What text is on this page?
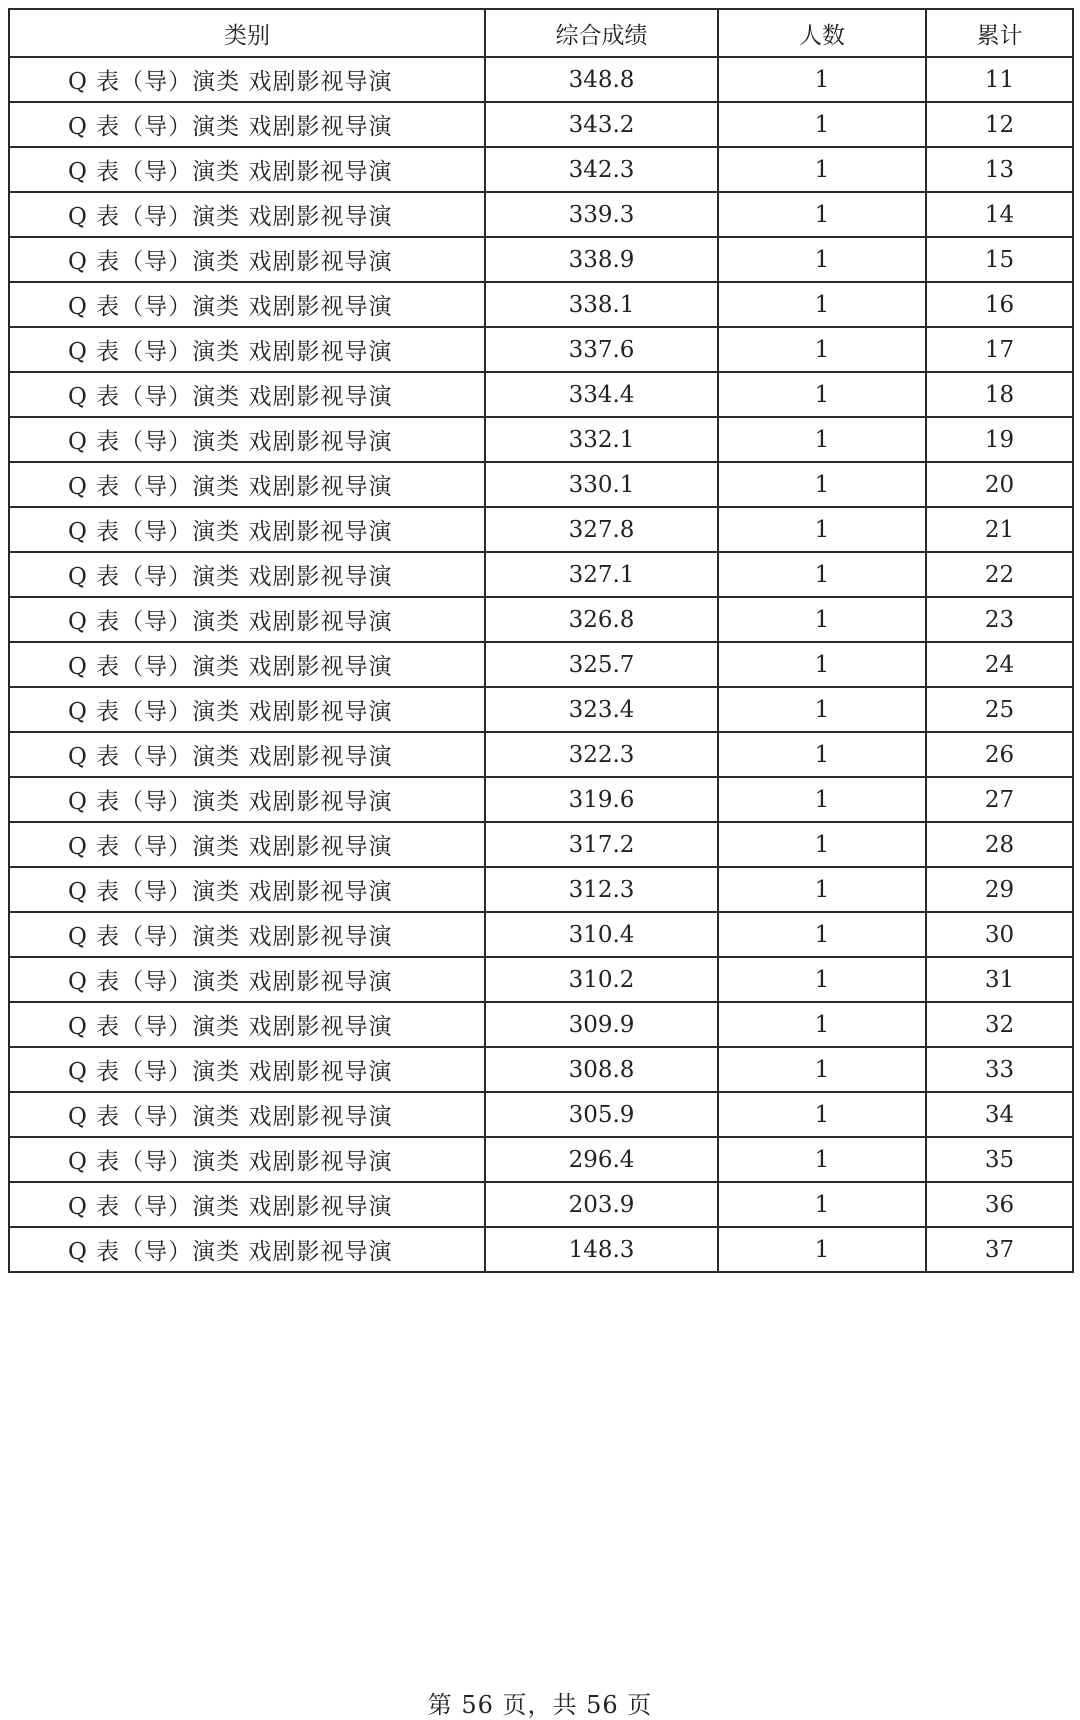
类别	综合成绩	人数	累计
Q 表（导）演类 戏剧影视导演	348.8	1	11
Q 表（导）演类 戏剧影视导演	343.2	1	12
Q 表（导）演类 戏剧影视导演	342.3	1	13
Q 表（导）演类 戏剧影视导演	339.3	1	14
Q 表（导）演类 戏剧影视导演	338.9	1	15
Q 表（导）演类 戏剧影视导演	338.1	1	16
Q 表（导）演类 戏剧影视导演	337.6	1	17
Q 表（导）演类 戏剧影视导演	334.4	1	18
Q 表（导）演类 戏剧影视导演	332.1	1	19
Q 表（导）演类 戏剧影视导演	330.1	1	20
Q 表（导）演类 戏剧影视导演	327.8	1	21
Q 表（导）演类 戏剧影视导演	327.1	1	22
Q 表（导）演类 戏剧影视导演	326.8	1	23
Q 表（导）演类 戏剧影视导演	325.7	1	24
Q 表（导）演类 戏剧影视导演	323.4	1	25
Q 表（导）演类 戏剧影视导演	322.3	1	26
Q 表（导）演类 戏剧影视导演	319.6	1	27
Q 表（导）演类 戏剧影视导演	317.2	1	28
Q 表（导）演类 戏剧影视导演	312.3	1	29
Q 表（导）演类 戏剧影视导演	310.4	1	30
Q 表（导）演类 戏剧影视导演	310.2	1	31
Q 表（导）演类 戏剧影视导演	309.9	1	32
Q 表（导）演类 戏剧影视导演	308.8	1	33
Q 表（导）演类 戏剧影视导演	305.9	1	34
Q 表（导）演类 戏剧影视导演	296.4	1	35
Q 表（导）演类 戏剧影视导演	203.9	1	36
Q 表（导）演类 戏剧影视导演	148.3	1	37
第 56 页，共 56 页
